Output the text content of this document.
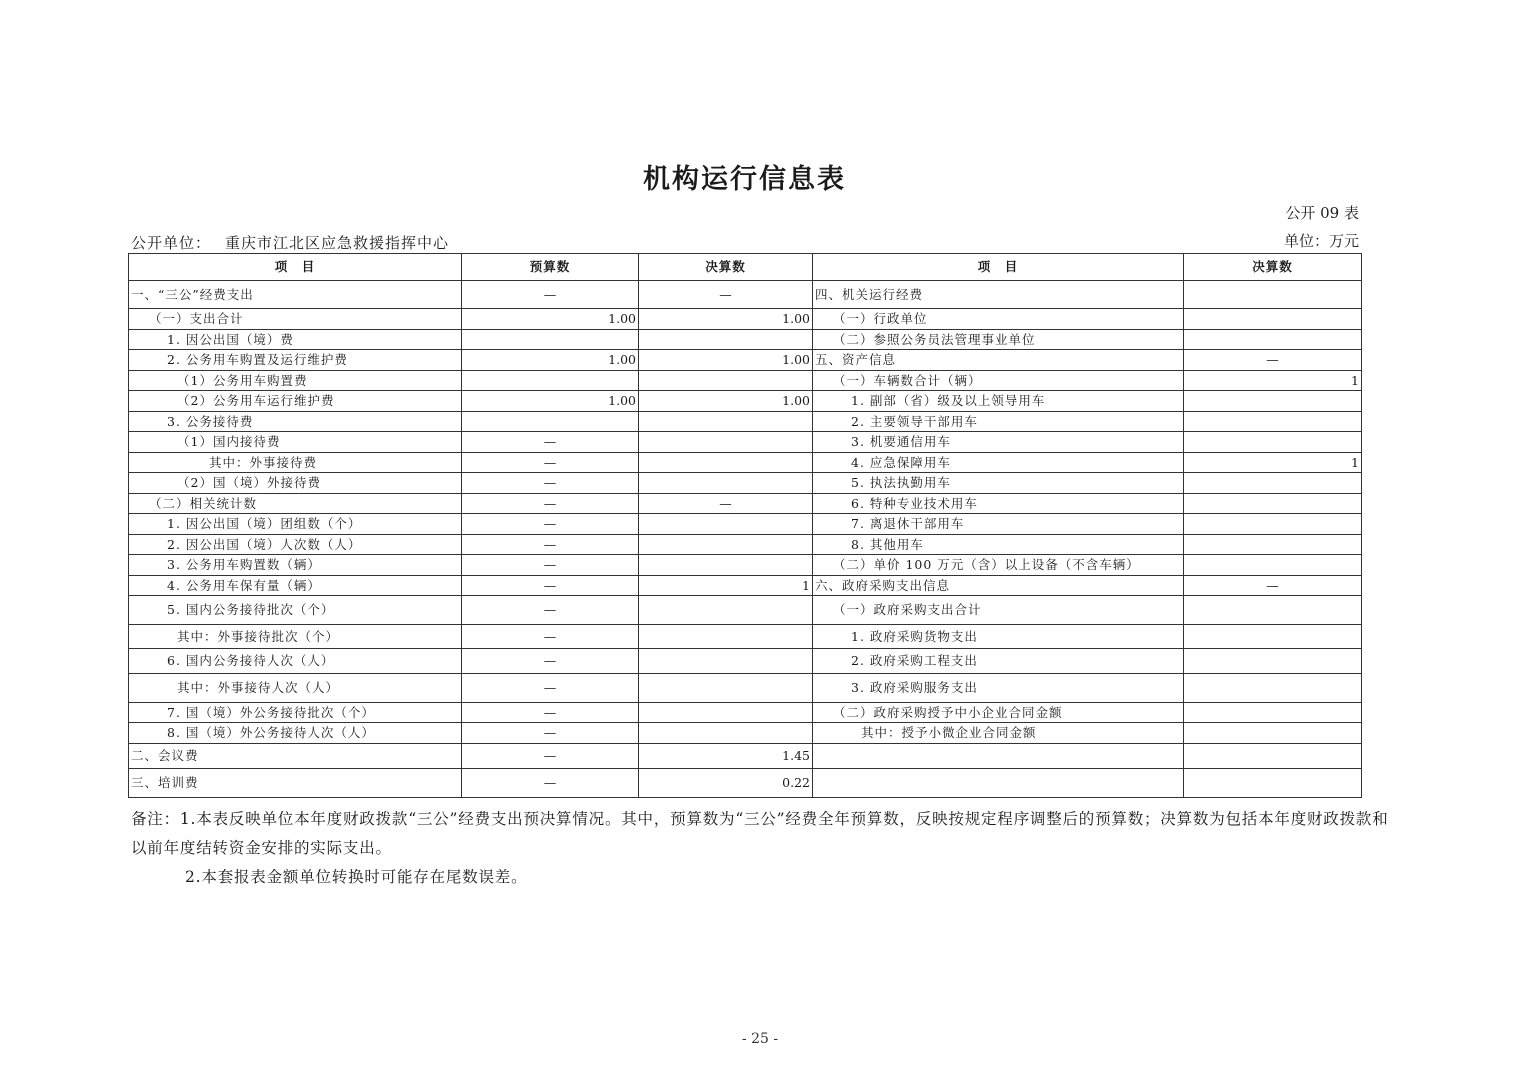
机构运行信息表
公开 09 表
公开单位： 重庆市江北区应急救援指挥中心	单位：万元
项　目	预算数	决算数	项　目	决算数
一、“三公”经费支出	—	—	四、机关运行经费	
（一）支出合计	1.00	1.00	（一）行政单位	
1. 因公出国（境）费			（二）参照公务员法管理事业单位	
2. 公务用车购置及运行维护费	1.00	1.00	五、资产信息	—
（1）公务用车购置费			（一）车辆数合计（辆）	1
（2）公务用车运行维护费	1.00	1.00	1. 副部（省）级及以上领导用车	
3. 公务接待费			2. 主要领导干部用车	
（1）国内接待费	—		3. 机要通信用车	
其中：外事接待费	—		4. 应急保障用车	1
（2）国（境）外接待费	—		5. 执法执勤用车	
（二）相关统计数	—	—	6. 特种专业技术用车	
1. 因公出国（境）团组数（个）	—		7. 离退休干部用车	
2. 因公出国（境）人次数（人）	—		8. 其他用车	
3. 公务用车购置数（辆）	—		（二）单价 100 万元（含）以上设备（不含车辆）	
4. 公务用车保有量（辆）	—	1	六、政府采购支出信息	—
5. 国内公务接待批次（个）	—		（一）政府采购支出合计	
其中：外事接待批次（个）	—		1. 政府采购货物支出	
6. 国内公务接待人次（人）	—		2. 政府采购工程支出	
其中：外事接待人次（人）	—		3. 政府采购服务支出	
7. 国（境）外公务接待批次（个）	—		（二）政府采购授予中小企业合同金额	
8. 国（境）外公务接待人次（人）	—		其中：授予小微企业合同金额	
二、会议费	—	1.45		
三、培训费	—	0.22		
备注：1.本表反映单位本年度财政拨款“三公”经费支出预决算情况。其中，预算数为“三公”经费全年预算数，反映按规定程序调整后的预算数；决算数为包括本年度财政拨款和以前年度结转资金安排的实际支出。
2.本套报表金额单位转换时可能存在尾数误差。
- 25 -
